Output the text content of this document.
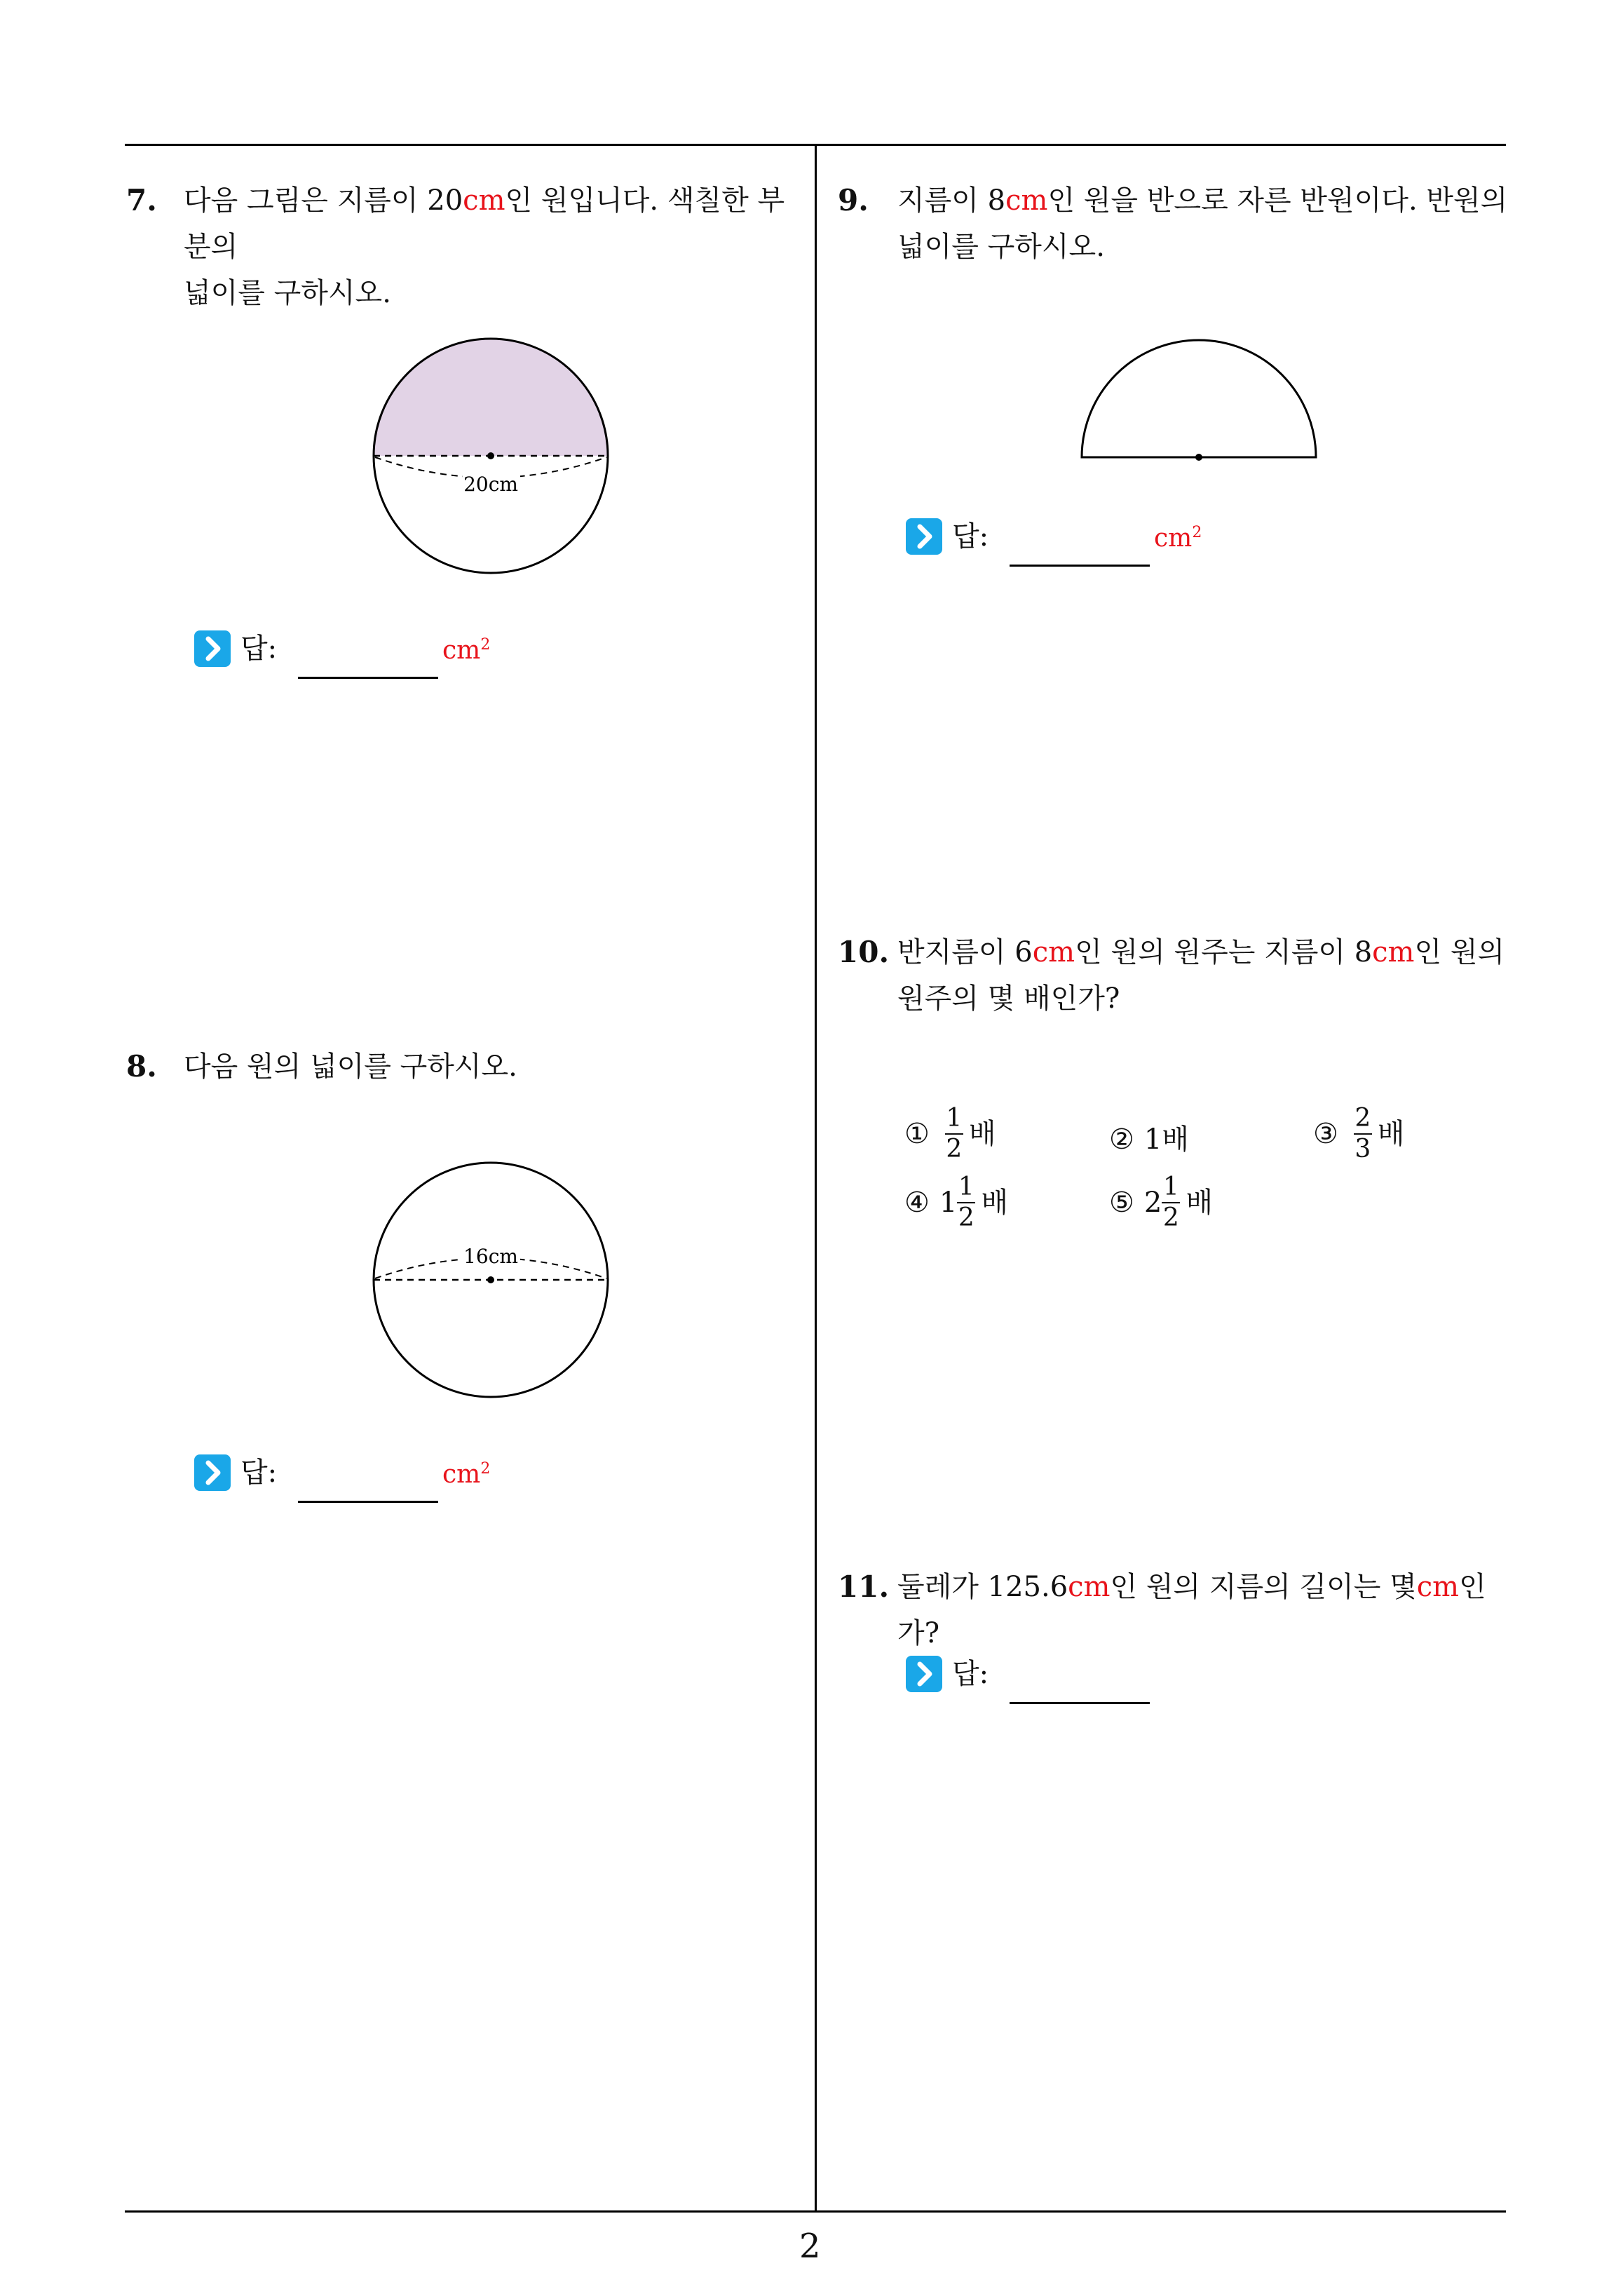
7. 다음 그림은 지름이 20cm인 원입니다. 색칠한 부분의
넓이를 구하시오.
20cm
답:	$cm^2$
8. 다음 원의 넓이를 구하시오.
16cm
답:	$cm^2$
9. 지름이 8cm인 원을 반으로 자른 반원이다. 반원의
넓이를 구하시오.
답:	$cm^2$
10. 반지름이 6cm인 원의 원주는 지름이 8cm인 원의
원주의 몇 배인가?
① $\frac{1}{2}$ 배	② 1배	③ $\frac{2}{3}$ 배
④ $1 \frac{1}{2}$ 배	⑤ $2 \frac{1}{2}$ 배
11. 둘레가 125.6cm인 원의 지름의 길이는 몇cm인가?
답:
2
